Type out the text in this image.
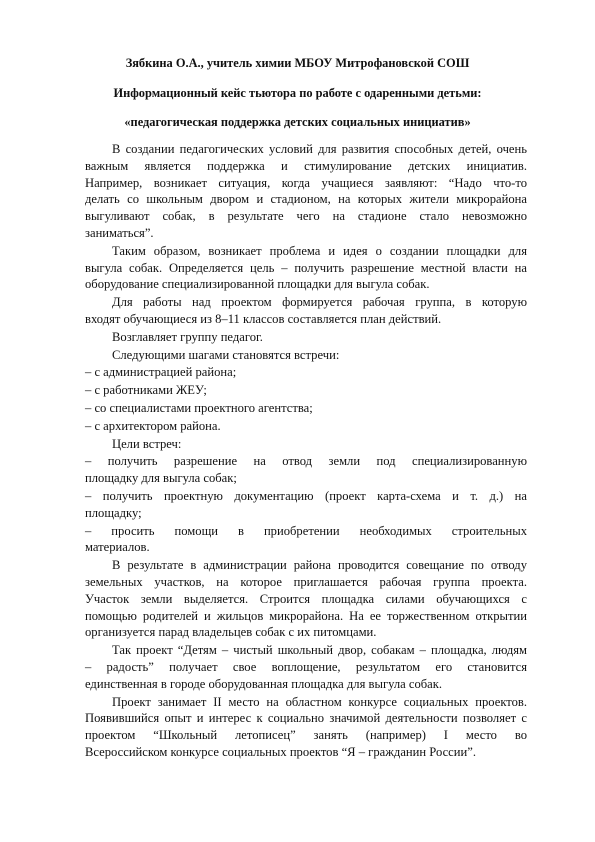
Зябкина О.А., учитель химии МБОУ Митрофановской СОШ
Информационный кейс тьютора по работе с одаренными детьми:
«педагогическая поддержка детских социальных инициатив»
В создании педагогических условий для развития способных детей, очень
важным является поддержка и стимулирование детских инициатив.
Например, возникает ситуация, когда учащиеся заявляют: “Надо что-то
делать со школьным двором и стадионом, на которых жители микрорайона
выгуливают собак, в результате чего на стадионе стало невозможно
заниматься”.
Таким образом, возникает проблема и идея о создании площадки для
выгула собак. Определяется цель – получить разрешение местной власти на
оборудование специализированной площадки для выгула собак.
Для работы над проектом формируется рабочая группа, в которую
входят обучающиеся из 8–11 классов составляется план действий.
Возглавляет группу педагог.
Следующими шагами становятся встречи:
– с администрацией района;
– с работниками ЖЕУ;
– со специалистами проектного агентства;
– с архитектором района.
Цели встреч:
– получить разрешение на отвод земли под специализированную
площадку для выгула собак;
– получить проектную документацию (проект карта-схема и т. д.) на
площадку;
– просить помощи в приобретении необходимых строительных
материалов.
В результате в администрации района проводится совещание по отводу
земельных участков, на которое приглашается рабочая группа проекта.
Участок земли выделяется. Строится площадка силами обучающихся с
помощью родителей и жильцов микрорайона. На ее торжественном открытии
организуется парад владельцев собак с их питомцами.
Так проект “Детям – чистый школьный двор, собакам – площадка, людям
– радость” получает свое воплощение, результатом его становится
единственная в городе оборудованная площадка для выгула собак.
Проект занимает II место на областном конкурсе социальных проектов.
Появившийся опыт и интерес к социально значимой деятельности позволяет с
проектом “Школьный летописец” занять (например) I место во
Всероссийском конкурсе социальных проектов “Я – гражданин России”.
